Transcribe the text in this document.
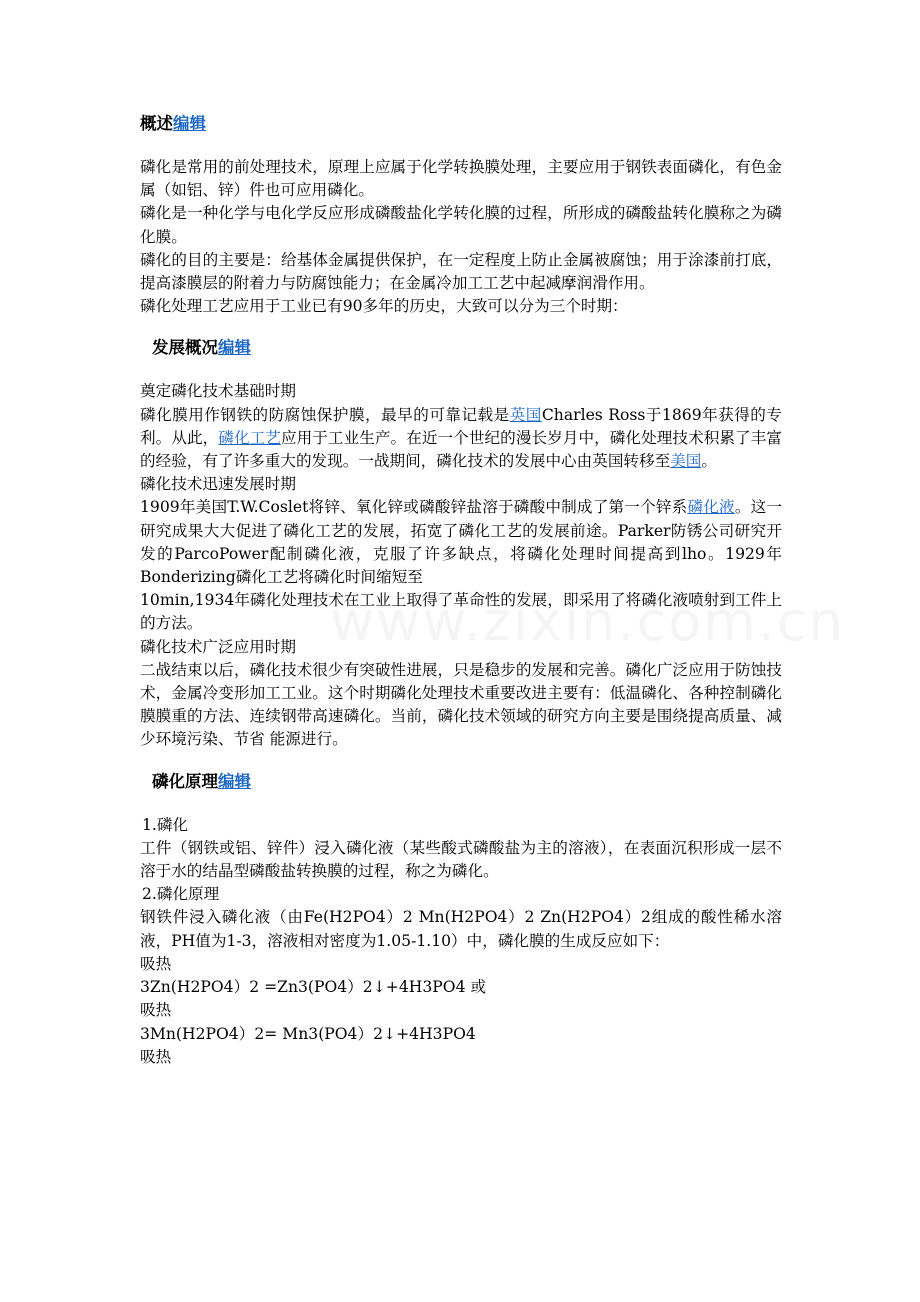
概述编辑

磷化是常用的前处理技术，原理上应属于化学转换膜处理，主要应用于钢铁表面磷化，有色金属（如铝、锌）件也可应用磷化。

磷化是一种化学与电化学反应形成磷酸盐化学转化膜的过程，所形成的磷酸盐转化膜称之为磷化膜。

磷化的目的主要是：给基体金属提供保护，在一定程度上防止金属被腐蚀；用于涂漆前打底，提高漆膜层的附着力与防腐蚀能力；在金属冷加工工艺中起减摩润滑作用。

磷化处理工艺应用于工业已有90多年的历史，大致可以分为三个时期：

发展概况编辑

奠定磷化技术基础时期

磷化膜用作钢铁的防腐蚀保护膜，最早的可靠记载是英国Charles Ross于1869年获得的专利。从此，磷化工艺应用于工业生产。在近一个世纪的漫长岁月中，磷化处理技术积累了丰富的经验，有了许多重大的发现。一战期间，磷化技术的发展中心由英国转移至美国。

磷化技术迅速发展时期

1909年美国T.W.Coslet将锌、氧化锌或磷酸锌盐溶于磷酸中制成了第一个锌系磷化液。这一研究成果大大促进了磷化工艺的发展，拓宽了磷化工艺的发展前途。Parker防锈公司研究开发的ParcoPower配制磷化液，克服了许多缺点，将磷化处理时间提高到lho。1929年Bonderizing磷化工艺将磷化时间缩短至

10min,1934年磷化处理技术在工业上取得了革命性的发展，即采用了将磷化液喷射到工件上的方法。

磷化技术广泛应用时期

二战结束以后，磷化技术很少有突破性进展，只是稳步的发展和完善。磷化广泛应用于防蚀技术，金属冷变形加工工业。这个时期磷化处理技术重要改进主要有：低温磷化、各种控制磷化膜膜重的方法、连续钢带高速磷化。当前，磷化技术领域的研究方向主要是围绕提高质量、减少环境污染、节省 能源进行。

磷化原理编辑

1.磷化

工件（钢铁或铝、锌件）浸入磷化液（某些酸式磷酸盐为主的溶液），在表面沉积形成一层不溶于水的结晶型磷酸盐转换膜的过程，称之为磷化。

2.磷化原理

钢铁件浸入磷化液（由Fe(H2PO4）2 Mn(H2PO4）2 Zn(H2PO4）2组成的酸性稀水溶液，PH值为1-3，溶液相对密度为1.05-1.10）中，磷化膜的生成反应如下：

吸热

3Zn(H2PO4）2 =Zn3(PO4）2↓+4H3PO4 或

吸热

3Mn(H2PO4）2= Mn3(PO4）2↓+4H3PO4

吸热
